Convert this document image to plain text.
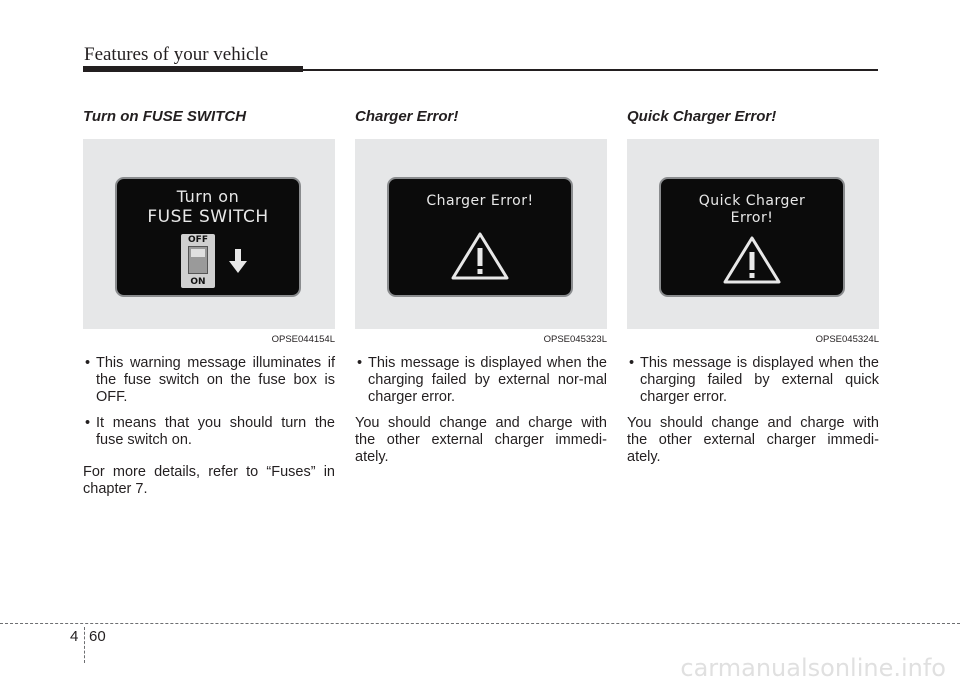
Features of your vehicle
Turn on FUSE SWITCH
Turn on
FUSE SWITCH
OFF
ON
OPSE044154L
• This warning message illuminates if the fuse switch on the fuse box is OFF.
• It means that you should turn the fuse switch on.
For more details, refer to “Fuses” in chapter 7.
Charger Error!
Charger Error!
OPSE045323L
• This message is displayed when the charging failed by external nor-mal charger error.
You should change and charge with the other external charger immedi-ately.
Quick Charger Error!
Quick Charger
Error!
OPSE045324L
• This message is displayed when the charging failed by external quick charger error.
You should change and charge with the other external charger immedi-ately.
4 60
carmanualsonline.info
